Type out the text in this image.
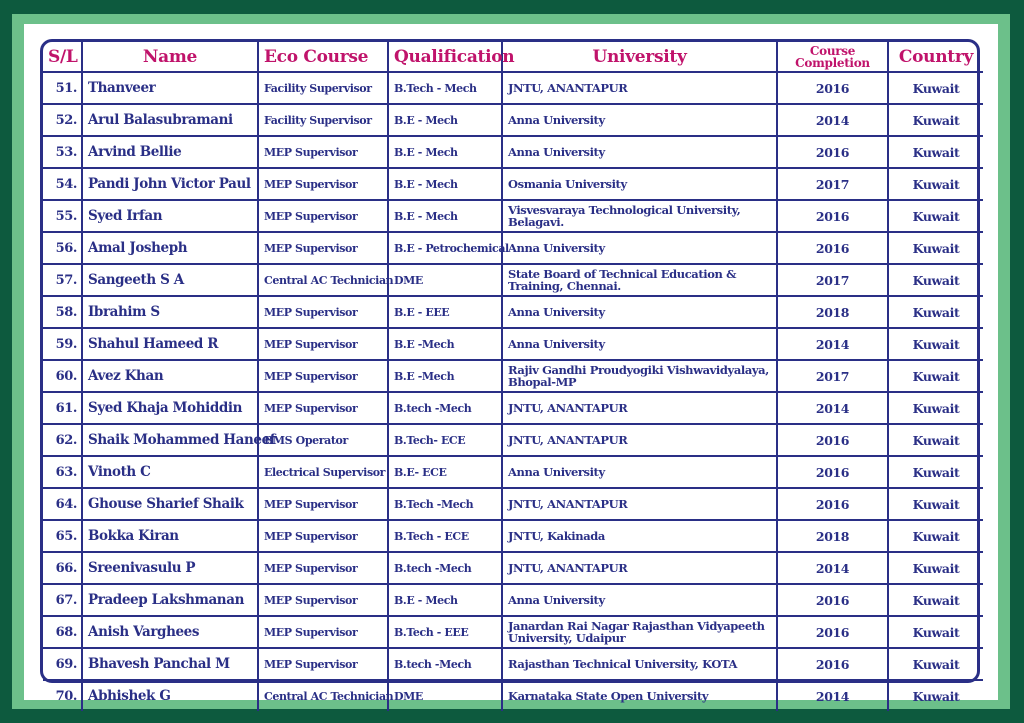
S/L	Name	Eco Course	Qualification	University	Course Completion	Country
51.	Thanveer	Facility Supervisor	B.Tech - Mech	JNTU, ANANTAPUR	2016	Kuwait
52.	Arul Balasubramani	Facility Supervisor	B.E - Mech	Anna University	2014	Kuwait
53.	Arvind Bellie	MEP Supervisor	B.E - Mech	Anna University	2016	Kuwait
54.	Pandi John Victor Paul	MEP Supervisor	B.E - Mech	Osmania University	2017	Kuwait
55.	Syed Irfan	MEP Supervisor	B.E - Mech	Visvesvaraya Technological University, Belagavi.	2016	Kuwait
56.	Amal Josheph	MEP Supervisor	B.E - Petrochemical	Anna University	2016	Kuwait
57.	Sangeeth S A	Central AC Technician	DME	State Board of Technical Education & Training, Chennai.	2017	Kuwait
58.	Ibrahim S	MEP Supervisor	B.E - EEE	Anna University	2018	Kuwait
59.	Shahul Hameed R	MEP Supervisor	B.E -Mech	Anna University	2014	Kuwait
60.	Avez Khan	MEP Supervisor	B.E -Mech	Rajiv Gandhi Proudyogiki Vishwavidyalaya, Bhopal-MP	2017	Kuwait
61.	Syed Khaja Mohiddin	MEP Supervisor	B.tech -Mech	JNTU, ANANTAPUR	2014	Kuwait
62.	Shaik Mohammed Haneef	BMS Operator	B.Tech- ECE	JNTU, ANANTAPUR	2016	Kuwait
63.	Vinoth C	Electrical Supervisor	B.E- ECE	Anna University	2016	Kuwait
64.	Ghouse Sharief Shaik	MEP Supervisor	B.Tech -Mech	JNTU, ANANTAPUR	2016	Kuwait
65.	Bokka Kiran	MEP Supervisor	B.Tech - ECE	JNTU, Kakinada	2018	Kuwait
66.	Sreenivasulu P	MEP Supervisor	B.tech -Mech	JNTU, ANANTAPUR	2014	Kuwait
67.	Pradeep Lakshmanan	MEP Supervisor	B.E - Mech	Anna University	2016	Kuwait
68.	Anish Varghees	MEP Supervisor	B.Tech - EEE	Janardan Rai Nagar Rajasthan Vidyapeeth University, Udaipur	2016	Kuwait
69.	Bhavesh Panchal M	MEP Supervisor	B.tech -Mech	Rajasthan Technical University, KOTA	2016	Kuwait
70.	Abhishek G	Central AC Technician	DME	Karnataka State Open University	2014	Kuwait
